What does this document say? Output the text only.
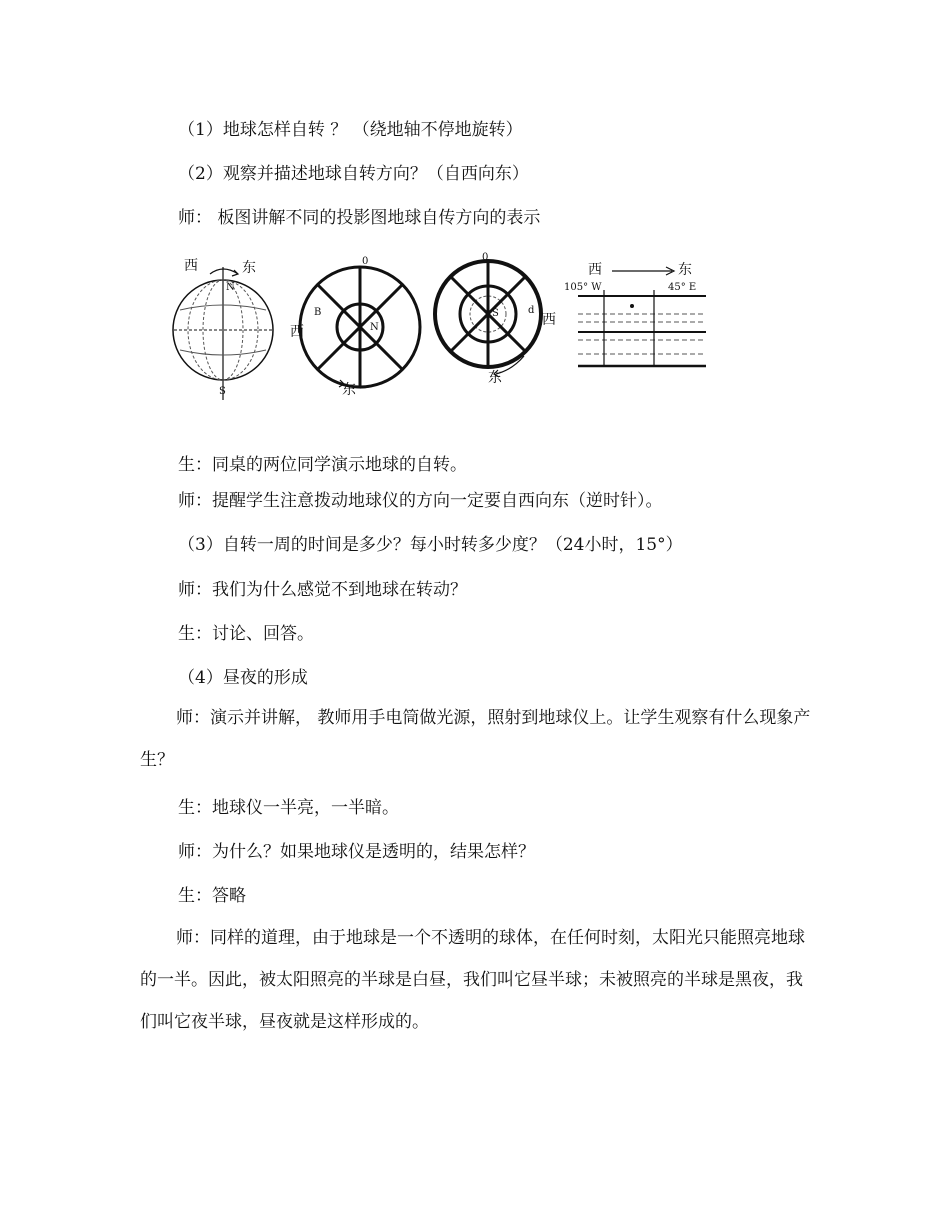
（1）地球怎样自转 ？ （绕地轴不停地旋转）
（2）观察并描述地球自转方向？（自西向东）
师： 板图讲解不同的投影图地球自传方向的表示
西	东
N
S
0
B
N
西
东
0
d
S	西
东
西	东
105° W	45° E
生：同桌的两位同学演示地球的自转。
师：提醒学生注意拨动地球仪的方向一定要自西向东（逆时针）。
（3）自转一周的时间是多少？每小时转多少度？（24小时，15°）
师：我们为什么感觉不到地球在转动？
生：讨论、回答。
（4）昼夜的形成

师：演示并讲解， 教师用手电筒做光源，照射到地球仪上。让学生观察有什么现象产生？

生：地球仪一半亮，一半暗。
师：为什么？如果地球仪是透明的，结果怎样？
生：答略

师：同样的道理，由于地球是一个不透明的球体，在任何时刻，太阳光只能照亮地球的一半。因此，被太阳照亮的半球是白昼，我们叫它昼半球；未被照亮的半球是黑夜，我们叫它夜半球，昼夜就是这样形成的。
